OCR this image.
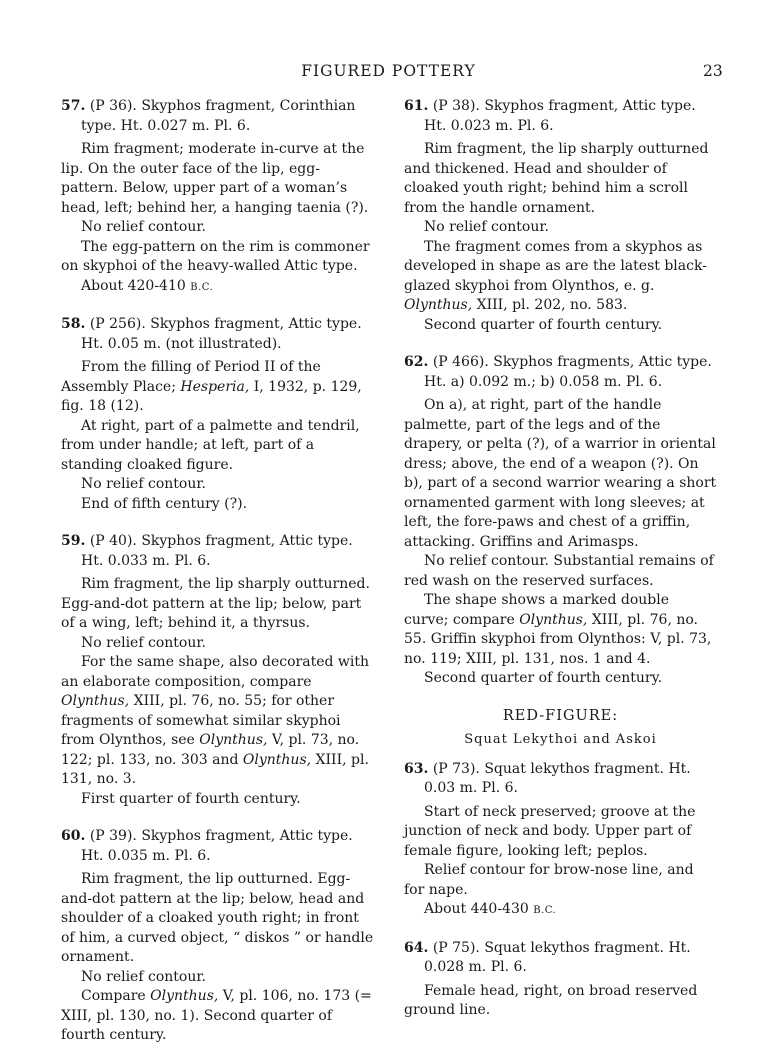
FIGURED POTTERY	23
57. (P 36). Skyphos fragment, Corinthian type. Ht. 0.027 m. Pl. 6.
Rim fragment; moderate in-curve at the lip. On the outer face of the lip, egg-pattern. Below, upper part of a woman’s head, left; behind her, a hanging taenia (?).
No relief contour.
The egg-pattern on the rim is commoner on skyphoi of the heavy-walled Attic type.
About 420-410 B.C.
58. (P 256). Skyphos fragment, Attic type. Ht. 0.05 m. (not illustrated).
From the filling of Period II of the Assembly Place; Hesperia, I, 1932, p. 129, fig. 18 (12).
At right, part of a palmette and tendril, from under handle; at left, part of a standing cloaked figure.
No relief contour.
End of fifth century (?).
59. (P 40). Skyphos fragment, Attic type. Ht. 0.033 m. Pl. 6.
Rim fragment, the lip sharply outturned. Egg-and-dot pattern at the lip; below, part of a wing, left; behind it, a thyrsus.
No relief contour.
For the same shape, also decorated with an elaborate composition, compare Olynthus, XIII, pl. 76, no. 55; for other fragments of somewhat similar skyphoi from Olynthos, see Olynthus, V, pl. 73, no. 122; pl. 133, no. 303 and Olynthus, XIII, pl. 131, no. 3.
First quarter of fourth century.
60. (P 39). Skyphos fragment, Attic type. Ht. 0.035 m. Pl. 6.
Rim fragment, the lip outturned. Egg-and-dot pattern at the lip; below, head and shoulder of a cloaked youth right; in front of him, a curved object, “ diskos ” or handle ornament.
No relief contour.
Compare Olynthus, V, pl. 106, no. 173 (= XIII, pl. 130, no. 1). Second quarter of fourth century.
61. (P 38). Skyphos fragment, Attic type. Ht. 0.023 m. Pl. 6.
Rim fragment, the lip sharply outturned and thickened. Head and shoulder of cloaked youth right; behind him a scroll from the handle ornament.
No relief contour.
The fragment comes from a skyphos as developed in shape as are the latest black-glazed skyphoi from Olynthos, e. g. Olynthus, XIII, pl. 202, no. 583.
Second quarter of fourth century.
62. (P 466). Skyphos fragments, Attic type. Ht. a) 0.092 m.; b) 0.058 m. Pl. 6.
On a), at right, part of the handle palmette, part of the legs and of the drapery, or pelta (?), of a warrior in oriental dress; above, the end of a weapon (?). On b), part of a second warrior wearing a short ornamented garment with long sleeves; at left, the fore-paws and chest of a griffin, attacking. Griffins and Arimasps.
No relief contour. Substantial remains of red wash on the reserved surfaces.
The shape shows a marked double curve; compare Olynthus, XIII, pl. 76, no. 55. Griffin skyphoi from Olynthos: V, pl. 73, no. 119; XIII, pl. 131, nos. 1 and 4.
Second quarter of fourth century.
RED-FIGURE:
Squat Lekythoi and Askoi
63. (P 73). Squat lekythos fragment. Ht. 0.03 m. Pl. 6.
Start of neck preserved; groove at the junction of neck and body. Upper part of female figure, looking left; peplos.
Relief contour for brow-nose line, and for nape.
About 440-430 B.C.
64. (P 75). Squat lekythos fragment. Ht. 0.028 m. Pl. 6.
Female head, right, on broad reserved ground line.
